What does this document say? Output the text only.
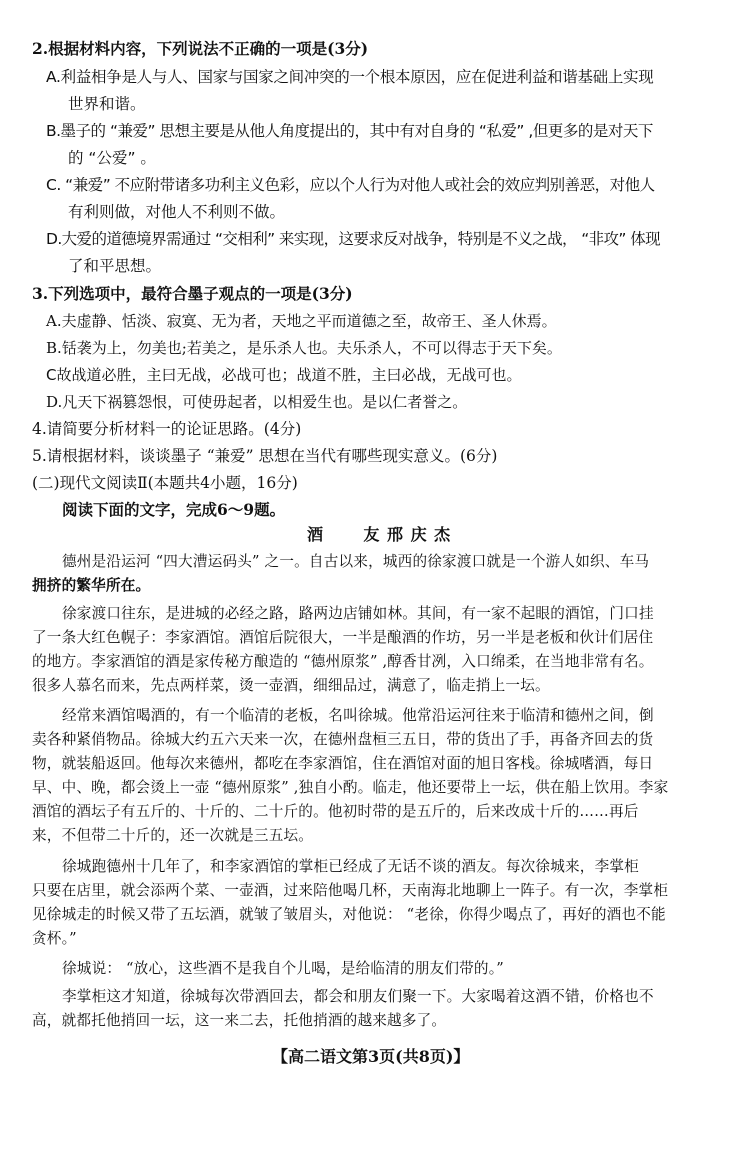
2.根据材料内容，下列说法不正确的一项是(3分)
A.利益相争是人与人、国家与国家之间冲突的一个根本原因，应在促进利益和谐基础上实现
世界和谐。
B.墨子的 “兼爱” 思想主要是从他人角度提出的，其中有对自身的 “私爱” ,但更多的是对天下
的 “公爱” 。
C. “兼爱” 不应附带诸多功利主义色彩，应以个人行为对他人或社会的效应判别善恶，对他人
有利则做，对他人不利则不做。
D.大爱的道德境界需通过 “交相利” 来实现，这要求反对战争，特别是不义之战， “非攻” 体现
了和平思想。
3.下列选项中，最符合墨子观点的一项是(3分)
A.夫虚静、恬淡、寂寞、无为者，天地之平而道德之至，故帝王、圣人休焉。
B.铦袭为上，勿美也;若美之，是乐杀人也。夫乐杀人，不可以得志于天下矣。
C故战道必胜，主曰无战，必战可也；战道不胜，主曰必战，无战可也。
D.凡天下祸篡怨恨，可使毋起者，以相爱生也。是以仁者誉之。
4.请简要分析材料一的论证思路。(4分)
5.请根据材料，谈谈墨子 “兼爱” 思想在当代有哪些现实意义。(6分)
(二)现代文阅读Ⅱ(本题共4小题，16分)
阅读下面的文字，完成6～9题。
酒      友 邢 庆 杰
德州是沿运河 “四大漕运码头” 之一。自古以来，城西的徐家渡口就是一个游人如织、车马
拥挤的繁华所在。
徐家渡口往东，是进城的必经之路，路两边店铺如林。其间，有一家不起眼的酒馆，门口挂
了一条大红色幌子：李家酒馆。酒馆后院很大，一半是酿酒的作坊，另一半是老板和伙计们居住
的地方。李家酒馆的酒是家传秘方酿造的 “德州原浆” ,醇香甘冽，入口绵柔，在当地非常有名。
很多人慕名而来，先点两样菜，烫一壶酒，细细品过，满意了，临走捎上一坛。
经常来酒馆喝酒的，有一个临清的老板，名叫徐城。他常沿运河往来于临清和德州之间，倒
卖各种紧俏物品。徐城大约五六天来一次，在德州盘桓三五日，带的货出了手，再备齐回去的货
物，就装船返回。他每次来德州，都吃在李家酒馆，住在酒馆对面的旭日客栈。徐城嗜酒，每日
早、中、晚，都会烫上一壶 “德州原浆” ,独自小酌。临走，他还要带上一坛，供在船上饮用。李家
酒馆的酒坛子有五斤的、十斤的、二十斤的。他初时带的是五斤的，后来改成十斤的……再后
来，不但带二十斤的，还一次就是三五坛。
徐城跑德州十几年了，和李家酒馆的掌柜已经成了无话不谈的酒友。每次徐城来，李掌柜
只要在店里，就会添两个菜、一壶酒，过来陪他喝几杯，天南海北地聊上一阵子。有一次，李掌柜
见徐城走的时候又带了五坛酒，就皱了皱眉头，对他说： “老徐，你得少喝点了，再好的酒也不能
贪杯。”
徐城说： “放心，这些酒不是我自个儿喝，是给临清的朋友们带的。”
李掌柜这才知道，徐城每次带酒回去，都会和朋友们聚一下。大家喝着这酒不错，价格也不
高，就都托他捎回一坛，这一来二去，托他捎酒的越来越多了。
【高二语文第3页(共8页)】
